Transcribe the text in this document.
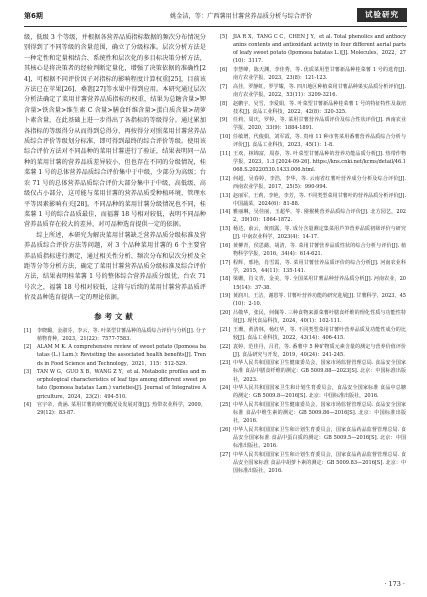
第6期	姚金洁，等：广西薯用甘薯营养品质分析与综合评价	试验研究

级，低级 3 个等级，并根据各营养品质指标数据的频次分布情况分别得到了不同等级的含量范围，确立了分级标准。层次分析方法是一种定性和定量相结合、系统性和层次化的多目标决策分析方法，其核心是将决策者的经验判断定量化，增强了决策依据的准确性[24]，可根据不同评价因子对指标的影响程度计算权重[25]，目前该方法已在苹果[26]、桑葚[27]等水果中得到应用。本研究通过层次分析法确定了菜用甘薯营养品质指标的权重，结果为总糖含量>钾含量>铁含量>维生素 C 含量>膳食纤维含量>蛋白质含量>胡萝卜素含量，在此基础上进一步得出了各指标的等级得分。通过累加各指标的等级得分从而得到总得分，再按得分对照菜用甘薯营养品质综合评价等级划分标准，即可得到最终的综合评价等级。使用该综合评价方法对不同品种的菜用甘薯进行了验证，结果表明同一品种的菜用甘薯的营养品质差异较小，但也存在不同的分级情况，桂菜薯 1 号的总体营养品质综合评价集中于中级，少部分为高级；台农 71 号的总体营养品质综合评价大部分集中于中级，高低级、高级仅占小部分，这可能与菜用甘薯的营养品质受种植环境、管理水平等因素影响有关[28]。不同品种的菜用甘薯分级情况也不同，桂菜薯 1 号的综合品质最佳，而福薯 18 号相对较低，表明不同品种营养品质存在较大的差异，对可品种选育提供一定的依据。

综上所述，本研究为解决菜用甘薯缺乏营养品质分级标准及营养品质综合评价方法等问题，对 3 个品种菜用甘薯的 6 个主要营养品质指标进行测定，通过相关性分析、频次分布和层次分析及全距等分等分析方法，确定了菜用甘薯营养品质分级标准及综合评价方法，结果表明桂菜薯 1 号的整体综合营养品质分级优，台农 71 号次之，福薯 18 号相对较低，这将与后续的菜用甘薯营养品质评价及品种选育提供一定的理论依据。

参考文献
[1] 李晓璐，金淑芬，李云，等. 叶菜型甘薯品种的品质综合评价与分析[J]. 分子植物育种，2023，21(22)：7577-7583.
[2] ALAM M K. A comprehensive review of sweet potato (Ipomoea batatas (L.) Lam.): Revisiting the associated health benefits[J]. Trends in Food Science and Technology，2021，115：512-529.
[3] TAN W G，GUO X B，WANG Z Y，et al. Metabolic profiles and morphological characteristics of leaf tips among different sweet potato (Ipomoea batatas Lam.) varieties[J]. Journal of Integrative Agriculture，2024，23(2)：494-510.
[4] 官宇帝，黄涵. 菜用甘薯的研究概况及发展对策[J]. 热带农业科学，2009，29(12)：83-87.
[5] JIA R X，TANG C C，CHEN J Y，et al. Total phenolics and anthocyanins contents and antioxidant activity in four different aerial parts of leafy sweet potato (Ipomoea batatas L.)[J]. Molecules，2022，27(10)：3117.
[6] 李慧峰，陈天渊，李佳秀，等. 优质菜用型甘薯新品种桂菜薯 1 号的选育[J]. 南方农业学报，2023，23(8)：121-123.
[7] 高佳，罗静虹，罗学耀，等. 四川地区种植菜用甘薯品种果实品质分析评价[J]. 南方农业学报，2022，53(11)：3209-3216.
[8] 赵鹏宇，吴雪，李爱娟，等. 叶菜型甘薯新品种桂菜薯 1 号的特征特性及栽培技术[J]. 食品工业科技，2022，42(8)：320-325.
[9] 任莉，周庆，罗婷，等. 菜用甘薯营养品质评价及综合性状评价[J]. 西南农业学报，2020，33(9)：1884-1891.
[10] 任敏增，代俊娟，刘军霞，等. 贵州 11 种市售菜用番薯营养品质综合分析与评价[J]. 食品工业科技，2023，45(1)：1-8.
[11] 王欢，林锦富，周春，等. 叶菜型甘薯品种的营养功能品质分析[J]. 热带作物学报，2023，1.3 [2024-09-26]. https://kns.cnki.net/kcms/detail/46.1068.S.20220530.1433.006.html.
[12] 何超，吴春婷，李浩，李华，等. 云南省红薯叶营养成分分析及综合评价[J]. 西南农业学报，2017，25(5)：990-994.
[13] 赵丽军，王莉，李艳，李芳，等. 不同类型菜用甘薯叶的营养品质分析评价[J]. 中国蔬菜，2024(6)：81-88.
[14] 雅丽琳，吴佳丽，玉超华，等. 猕猴桃营养品质综合评价[J]. 北方园艺，2022，39(10)：1864-1872.
[15] 杨达，俞云，黄雨露，等. 成分含量测定集菜用芦笋营养品质初筛评价与研究[J]. 中南农业科学，2023(4)：14-17.
[16] 黄柳青，侯思懿，胡清，等. 菜用甘薯营养品质性状的综合分析与评价[J]. 植物科学学报，2016，34(4)：614-621.
[17] 程辉，邢艳，肖雪霞，等. 菜用甘薯营养品质评价的综合分析[J]. 河南农业科学，2015，44(11)：135-141.
[18] 梁姗，肖文青，金美，等. 全国菜用甘薯品种营养品质分析[J]. 河南农业，2015(14)：37-38.
[19] 黄润川，王洁，谢恩等. 甘薯叶营养功能的研究进展[J]. 甘薯科学，2023，45(10)：2-10.
[20] 吕敬华，张民，何佩等. 三种食物来源菜薯叶膳食纤维的理化性质与功能性特征[J]. 现代食品科技，2024，40(1)：102-111.
[21] 王珊，黄清林，杨红华，等. 不同类型菜用甘薯叶营养品质及功能性成分的比较[J]. 食品工业科技，2022，43(14)：406-415.
[22] 袁婷，范佳丹，吕君，等. 番薯中 5 种矿物质元素含量的测定与营养价值评价[J]. 食品研究与开发，2019，40(24)：241-245.
[23] 中华人民共和国国家卫生健康委员会，国家市场监督管理总局. 食品安全国家标准 食品中膳食纤维的测定：GB 5009.88—2023[S]. 北京：中国标准出版社，2023.
[24] 中华人民共和国国家卫生和计划生育委员会，食品安全国家标准 食品中总糖的测定：GB 5009.8—2016[S]. 北京：中国标准出版社，2016.
[25] 中华人民共和国国家卫生健康委员会，国家市场监督管理总局. 食品安全国家标准 食品中维生素的测定：GB 5009.86—2016[S]. 北京：中国标准出版社，2016.
[26] 中华人民共和国国家卫生和计划生育委员会，国家食品药品监督管理总局. 食品安全国家标准 食品中蛋白质的测定：GB 5009.5—2016[S]. 北京：中国标准出版社，2016.
[27] 中华人民共和国国家卫生和计划生育委员会，国家食品药品监督管理总局. 食品安全国家标准 食品中胡萝卜素的测定：GB 5009.83—2016[S]. 北京：中国标准出版社，2016.
· 173 ·
